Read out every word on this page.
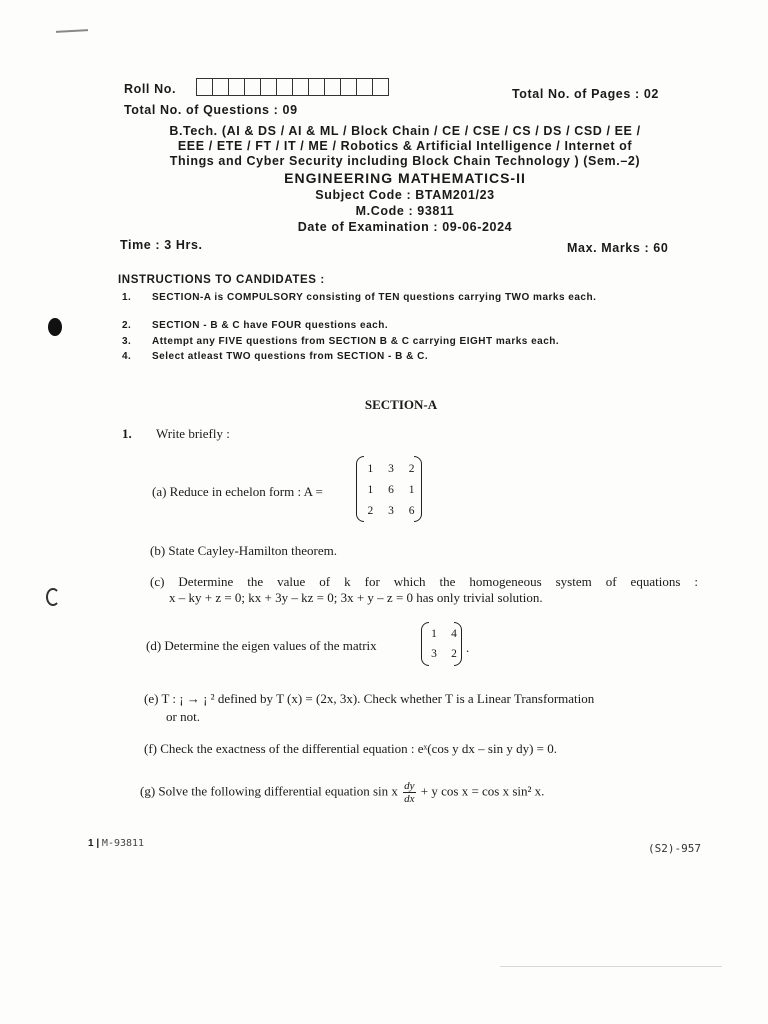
Roll No.	Total No. of Pages : 02
Total No. of Questions : 09
B.Tech. (AI & DS / AI & ML / Block Chain / CE / CSE / CS / DS / CSD / EE /
EEE / ETE / FT / IT / ME / Robotics & Artificial Intelligence / Internet of
Things and Cyber Security including Block Chain Technology ) (Sem.–2)
ENGINEERING MATHEMATICS-II
Subject Code : BTAM201/23
M.Code : 93811
Date of Examination : 09-06-2024
Time : 3 Hrs.	Max. Marks : 60
INSTRUCTIONS TO CANDIDATES :
1. SECTION-A is COMPULSORY consisting of TEN questions carrying TWO marks each.
2. SECTION - B & C have FOUR questions each.
3. Attempt any FIVE questions from SECTION B & C carrying EIGHT marks each.
4. Select atleast TWO questions from SECTION - B & C.
SECTION-A
1. Write briefly :
(a) Reduce in echelon form : A =
1	3	2
1	6	1
2	3	6
(b) State Cayley-Hamilton theorem.
(c) Determine the value of k for which the homogeneous system of equations :
x – ky + z = 0; kx + 3y – kz = 0; 3x + y – z = 0 has only trivial solution.
(d) Determine the eigen values of the matrix
1	4
3	2 .
(e) T : ¡ → ¡ ² defined by T (x) = (2x, 3x). Check whether T is a Linear Transformation
or not.
(f) Check the exactness of the differential equation : eˣ(cos y dx – sin y dy) = 0.
(g) Solve the following differential equation sin x $\frac{dy}{dx} + y$ cos x = cos x sin² x.
1 | M-93811	(S2)-957
